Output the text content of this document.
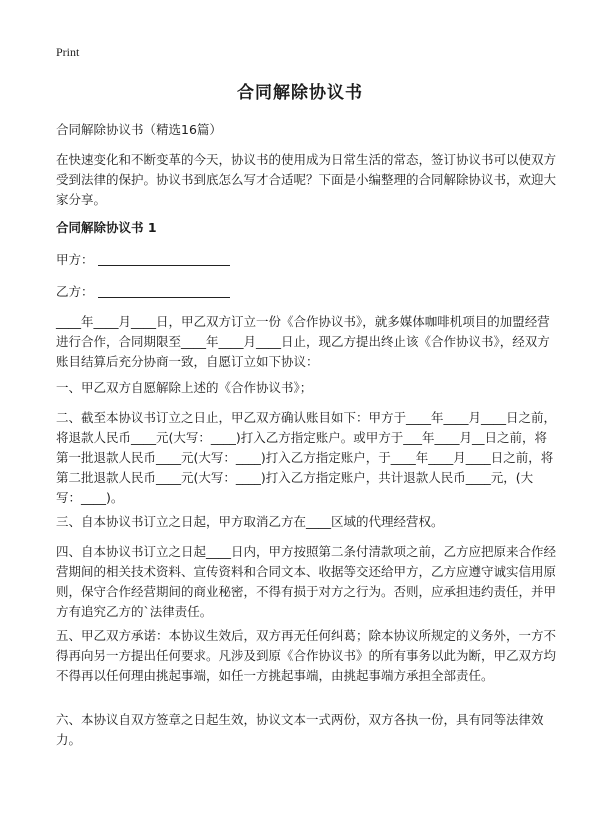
Print
合同解除协议书

合同解除协议书（精选16篇）

在快速变化和不断变革的今天，协议书的使用成为日常生活的常态，签订协议书可以使双方受到法律的保护。协议书到底怎么写才合适呢？下面是小编整理的合同解除协议书，欢迎大家分享。

合同解除协议书 1

甲方：
乙方：

____年____月____日，甲乙双方订立一份《合作协议书》，就多媒体咖啡机项目的加盟经营进行合作，合同期限至____年____月____日止，现乙方提出终止该《合作协议书》，经双方账目结算后充分协商一致，自愿订立如下协议：

一、甲乙双方自愿解除上述的《合作协议书》；

二、截至本协议书订立之日止，甲乙双方确认账目如下：甲方于____年____月____日之前，将退款人民币____元(大写：____)打入乙方指定账户。或甲方于___年____月__日之前，将第一批退款人民币____元(大写：____)打入乙方指定账户，于____年____月____日之前，将第二批退款人民币____元(大写：____)打入乙方指定账户，共计退款人民币____元，(大写：____)。

三、自本协议书订立之日起，甲方取消乙方在____区域的代理经营权。

四、自本协议书订立之日起____日内，甲方按照第二条付清款项之前，乙方应把原来合作经营期间的相关技术资料、宣传资料和合同文本、收据等交还给甲方，乙方应遵守诚实信用原则，保守合作经营期间的商业秘密，不得有损于对方之行为。否则，应承担违约责任，并甲方有追究乙方的`法律责任。

五、甲乙双方承诺：本协议生效后，双方再无任何纠葛；除本协议所规定的义务外，一方不得再向另一方提出任何要求。凡涉及到原《合作协议书》的所有事务以此为断，甲乙双方均不得再以任何理由挑起事端，如任一方挑起事端，由挑起事端方承担全部责任。

六、本协议自双方签章之日起生效，协议文本一式两份，双方各执一份，具有同等法律效力。
